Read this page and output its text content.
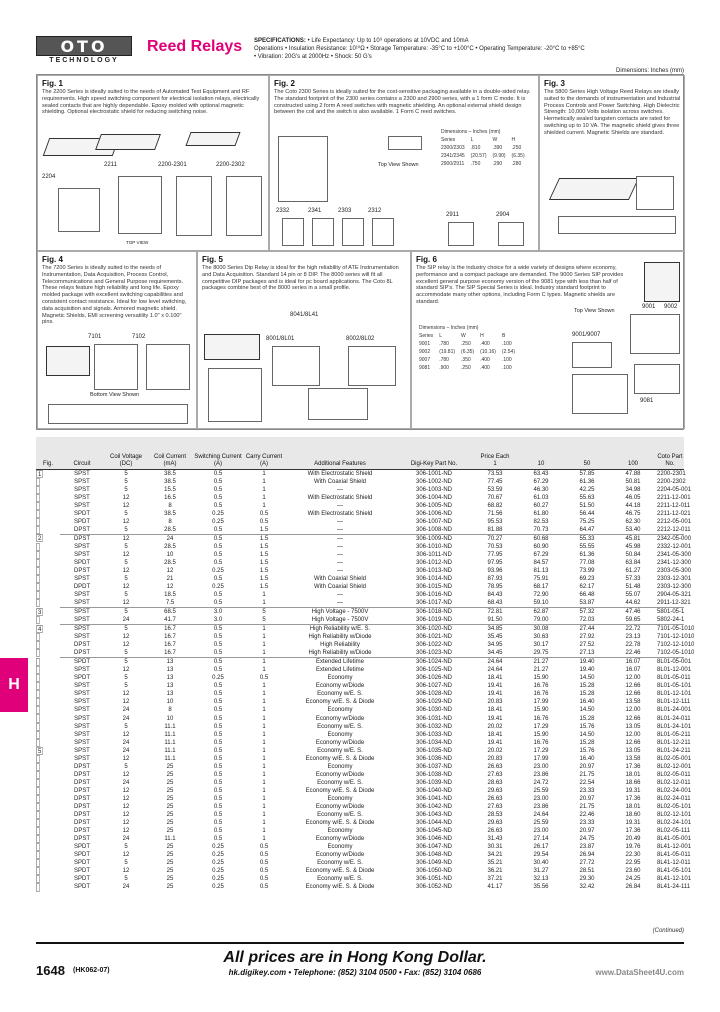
OTO
TECHNOLOGY
Reed Relays SPECIFICATIONS: • Life Expectancy: Up to 10⁹ operations at 10VDC and 10mA
Operations • Insulation Resistance: 10¹⁰Ω • Storage Temperature: -35°C to +100°C • Operating Temperature: -20°C to +85°C
• Vibration: 20G's at 2000Hz • Shock: 50 G's
Dimensions: Inches (mm)
Fig. 1
The 2200 Series is ideally suited to the needs of Automated Test Equipment and RF requirements. High speed switching component for electrical isolation relays, electrically sealed contacts that are highly dependable. Epoxy molded with optional magnetic shielding. Optional electrostatic shield for reducing switching noise.
2204
2211	2200-2301	2200-2302
TOP VIEW
Fig. 2
The Coto 2300 Series is ideally suited for the cost-sensitive packaging available in a double-sided relay. The standard footprint of the 2300 series contains a 2300 and 2900 series, with a 1 form C mode. It is constructed using 2 form A reed switches with magnetic shielding. An optional external shield design between the coil and the switch is also available. 1 Form C reed switches.
Top View Shown
Dimensions – Inches (mm)			
Series	L	W	H
2300/2303	.810	.390	.250
2341/2345	(20.57)	(9.90)	(6.35)
2900/2911	.750	.290	.280
2332	2341	2303	2312
2911	2904
Fig. 3
The 5800 Series High Voltage Reed Relays are ideally suited to the demands of instrumentation and Industrial Process Controls and Power Switching. High Dielectric Strength: 10,000 Volts isolation across switches. Hermetically sealed tungsten contacts are rated for switching up to 10 VA. The magnetic shield gives three shielded current. Magnetic Shields are standard.
Fig. 4
The 7200 Series is ideally suited to the needs of Instrumentation, Data Acquisition, Process Control, Telecommunications and General Purpose requirements. These relays feature high reliability and long life. Epoxy molded package with excellent switching capabilities and consistent contact resistance. Ideal for low level switching, data acquisition and signals. Armored magnetic shield. Magnetic Shields, EMI screening versatility 1.0" x 0.100" pins.
7101	7102
Bottom View Shown
Fig. 5
The 8000 Series Dip Relay is ideal for the high reliability of ATE Instrumentation and Data Acquisition. Standard 14 pin or 8 DIP. The 8000 series will fit all competitive DIP packages and is ideal for pc board applications. The Coto 8L packages combine best of the 8000 series in a small profile.
8041/8L41
8001/8L01	8002/8L02
Fig. 6
The SIP relay is the industry choice for a wide variety of designs where economy, performance and a compact package are demanded. The 9000 Series SIP provides excellent general purpose economy version of the 9081 type with less than half of standard SIP's. The SIP Special Series is ideal. Industry standard footprint to accommodate many other options, including Form C types. Magnetic shields are standard.
Dimensions – Inches (mm)				
Series	L	W	H	B
9001	.780	.250	.400	.100
9002	(19.81)	(6.35)	(10.16)	(2.54)
9007	.780	.350	.400	.100
9081	.900	.250	.400	.100
Top View Shown
9001 9002
9001/9007
9081
Fig.	Circuit	Coil Voltage (DC)	Coil Current (mA)	Switching Current (A)	Carry Current (A)	Additional Features	Digi-Key Part No.	Price Each
1	10	50	100	Coto Part No.

1	SPST	5	38.5	0.5	1	With Electrostatic Shield	306-1001-ND	73.53	63.43	57.85	47.88	2200-2301

SPST	5	38.5	0.5	1	With Coaxial Shield	306-1002-ND	77.45	67.29	61.36	50.81	2200-2302

SPST	5	15.5	0.5	1	—	306-1003-ND	53.59	46.30	42.25	34.98	2204-05-001

SPST	12	16.5	0.5	1	With Electrostatic Shield	306-1004-ND	70.67	61.03	55.63	46.05	2211-12-001

SPST	12	8	0.5	1	—	306-1005-ND	68.82	60.27	51.50	44.18	2211-12-011

SPDT	5	38.5	0.25	0.5	With Electrostatic Shield	306-1006-ND	71.56	61.80	56.44	46.75	2211-12-021

SPDT	12	8	0.25	0.5	—	306-1007-ND	95.53	82.53	75.25	62.30	2212-05-001

DPST	5	28.5	0.5	1.5	—	306-1008-ND	81.88	70.73	64.47	53.40	2212-12-011

2	DPST	12	24	0.5	1.5	—	306-1009-ND	70.27	60.68	55.33	45.81	2342-05-000

SPST	5	28.5	0.5	1.5	—	306-1010-ND	70.53	60.90	55.55	45.98	2332-12-001

SPST	12	10	0.5	1.5	—	306-1011-ND	77.95	67.29	61.36	50.84	2341-05-300

SPDT	5	28.5	0.5	1.5	—	306-1012-ND	97.95	84.57	77.08	63.84	2341-12-300

DPST	12	12	0.25	1.5	—	306-1013-ND	93.96	81.13	73.99	61.27	2303-05-300

SPST	5	21	0.5	1.5	With Coaxial Shield	306-1014-ND	87.93	75.91	69.23	57.33	2303-12-301

DPDT	12	12	0.25	1.5	With Coaxial Shield	306-1015-ND	78.95	68.17	62.17	51.48	2303-12-300

SPST	5	18.5	0.5	1	—	306-1016-ND	84.43	72.90	66.48	55.07	2904-05-321

SPST	12	7.5	0.5	1	—	306-1017-ND	68.43	59.10	53.87	44.62	2911-12-321

3	SPST	5	68.5	3.0	5	High Voltage - 7500V	306-1018-ND	72.81	62.87	57.32	47.46	5801-05-1

SPST	24	41.7	3.0	5	High Voltage - 7500V	306-1019-ND	91.50	79.00	72.03	59.65	5802-24-1

4	SPST	5	16.7	0.5	1	High Reliability w/E. S.	306-1020-ND	34.85	30.08	27.44	22.72	7101-05-1010

SPST	12	16.7	0.5	1	High Reliability w/Diode	306-1021-ND	35.45	30.63	27.92	23.13	7101-12-1010

DPST	12	16.7	0.5	1	High Reliability	306-1022-ND	34.95	30.17	27.52	22.78	7102-12-1010

DPST	5	16.7	0.5	1	High Reliability w/Diode	306-1023-ND	34.45	29.75	27.13	22.46	7102-05-1010

SPDT	5	13	0.5	1	Extended Lifetime	306-1024-ND	24.64	21.27	19.40	16.07	8L01-05-001

SPST	12	13	0.5	1	Extended Lifetime	306-1025-ND	24.64	21.27	19.40	16.07	8L01-12-001

SPDT	5	13	0.25	0.5	Economy	306-1026-ND	18.41	15.90	14.50	12.00	8L01-05-011

SPST	5	13	0.5	1	Economy w/Diode	306-1027-ND	19.41	16.76	15.28	12.66	8L01-05-101

SPST	12	13	0.5	1	Economy w/E. S.	306-1028-ND	19.41	16.76	15.28	12.66	8L01-12-101

SPST	12	10	0.5	1	Economy w/E. S. & Diode	306-1029-ND	20.83	17.99	16.40	13.58	8L01-12-111

SPST	24	8	0.5	1	Economy	306-1030-ND	18.41	15.90	14.50	12.00	8L01-24-001

SPST	24	10	0.5	1	Economy w/Diode	306-1031-ND	19.41	16.76	15.28	12.66	8L01-24-011

SPST	5	11.1	0.5	1	Economy w/E. S.	306-1032-ND	20.02	17.29	15.76	13.05	8L01-24-101

SPST	12	11.1	0.5	1	Economy	306-1033-ND	18.41	15.90	14.50	12.00	8L01-05-211

SPST	24	11.1	0.5	1	Economy w/Diode	306-1034-ND	19.41	16.76	15.28	12.66	8L01-12-211

5	SPST	24	11.1	0.5	1	Economy w/E. S.	306-1035-ND	20.02	17.29	15.76	13.05	8L01-24-211

SPST	12	11.1	0.5	1	Economy w/E. S. & Diode	306-1036-ND	20.83	17.99	16.40	13.58	8L02-05-001

DPST	5	25	0.5	1	Economy	306-1037-ND	26.63	23.00	20.97	17.36	8L02-12-001

DPST	12	25	0.5	1	Economy w/Diode	306-1038-ND	27.63	23.86	21.75	18.01	8L02-05-011

DPST	24	25	0.5	1	Economy w/E. S.	306-1039-ND	28.63	24.72	22.54	18.66	8L02-12-011

DPST	12	25	0.5	1	Economy w/E. S. & Diode	306-1040-ND	29.63	25.59	23.33	19.31	8L02-24-001

DPST	12	25	0.5	1	Economy	306-1041-ND	26.63	23.00	20.97	17.36	8L02-24-011

DPST	12	25	0.5	1	Economy w/Diode	306-1042-ND	27.63	23.86	21.75	18.01	8L02-05-101

DPST	12	25	0.5	1	Economy w/E. S.	306-1043-ND	28.53	24.64	22.46	18.60	8L02-12-101

DPST	12	25	0.5	1	Economy w/E. S. & Diode	306-1044-ND	29.63	25.59	23.33	19.31	8L02-24-101

DPST	12	25	0.5	1	Economy	306-1045-ND	26.63	23.00	20.97	17.36	8L02-05-111

DPST	24	11.1	0.5	1	Economy w/Diode	306-1046-ND	31.43	27.14	24.75	20.49	8L41-05-001

SPDT	5	25	0.25	0.5	Economy	306-1047-ND	30.31	26.17	23.87	19.76	8L41-12-001

SPDT	12	25	0.25	0.5	Economy w/Diode	306-1048-ND	34.21	29.54	26.94	22.30	8L41-05-011

SPDT	5	25	0.25	0.5	Economy w/E. S.	306-1049-ND	35.21	30.40	27.72	22.95	8L41-12-011

SPDT	12	25	0.25	0.5	Economy w/E. S. & Diode	306-1050-ND	36.21	31.27	28.51	23.60	8L41-05-101

SPDT	5	25	0.25	0.5	Economy w/E. S.	306-1051-ND	37.21	32.13	29.30	24.25	8L41-12-101

SPDT	24	25	0.25	0.5	Economy w/E. S. & Diode	306-1052-ND	41.17	35.56	32.42	26.84	8L41-24-111
(Continued)
H
All prices are in Hong Kong Dollar.
1648 (HK062-07)	hk.digikey.com • Telephone: (852) 3104 0500 • Fax: (852) 3104 0686	www.DataSheet4U.com
